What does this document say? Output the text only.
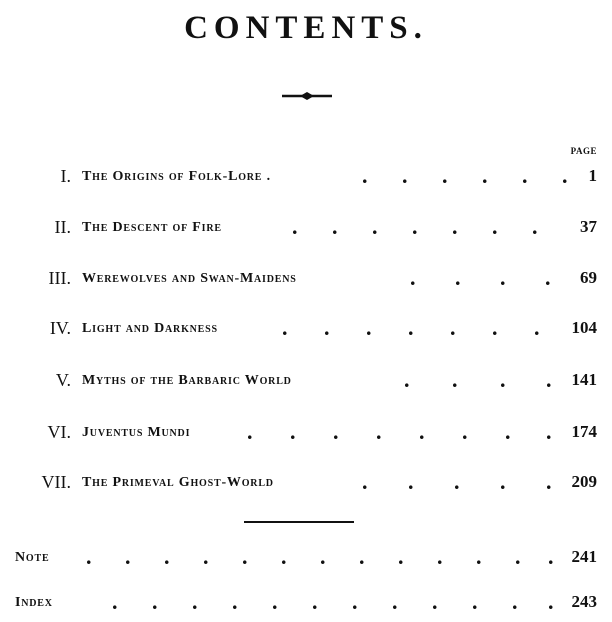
CONTENTS.
PAGE
I. The Origins of Folk-Lore .	. . . . . . 1
II. The Descent of Fire	. . . . . . .	37
III. Werewolves and Swan-Maidens	. . . . 69
IV. Light and Darkness	. . . . . . . 104
V. Myths of the Barbaric World	. . . . 141
VI. Juventus Mundi	. . . . . . . . 174
VII. The Primeval Ghost-World	. . . . . 209
Note . . . . . . . . . . . . . 241
Index	. . . . . . . . . . . . 243
